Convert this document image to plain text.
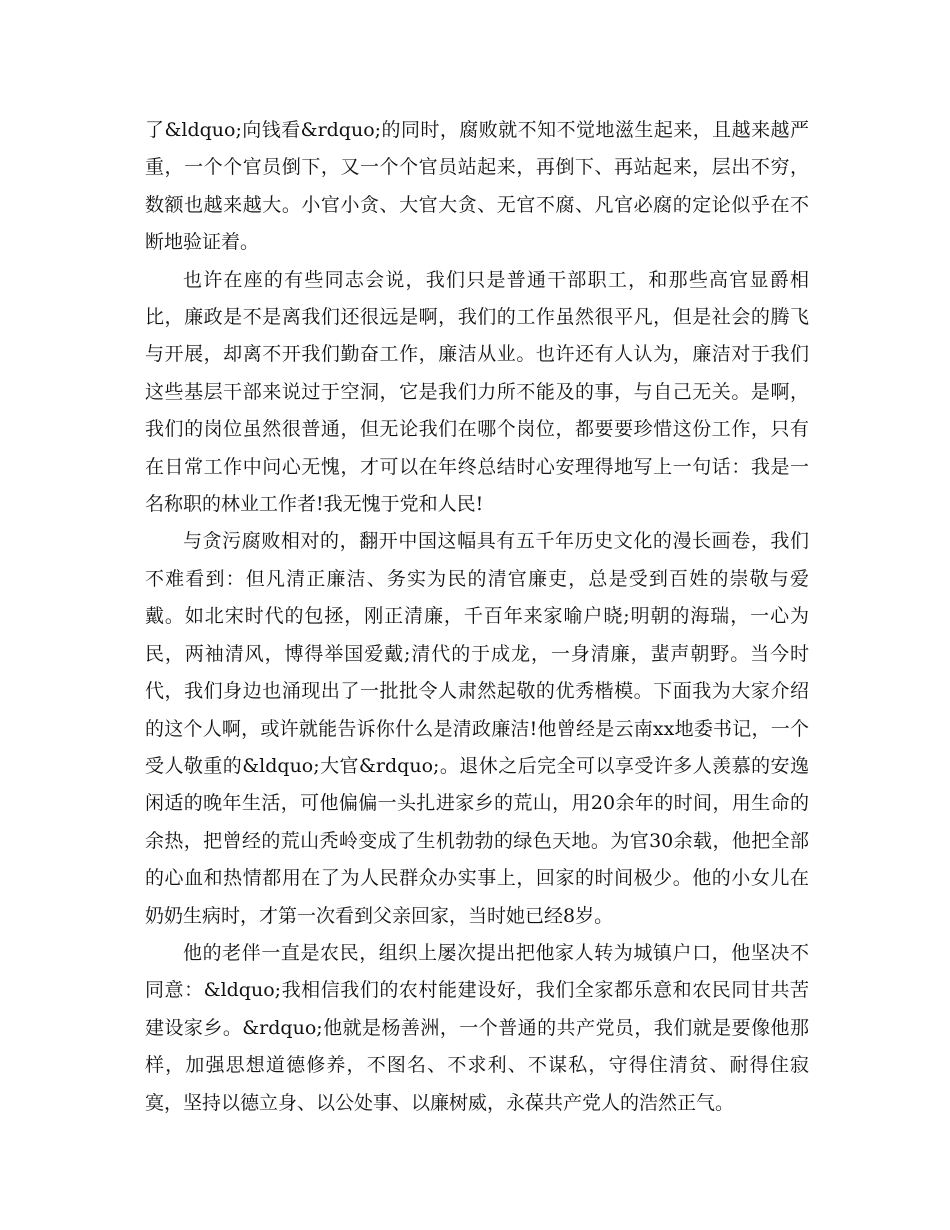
了&ldquo;向钱看&rdquo;的同时，腐败就不知不觉地滋生起来，且越来越严重，一个个官员倒下，又一个个官员站起来，再倒下、再站起来，层出不穷，数额也越来越大。小官小贪、大官大贪、无官不腐、凡官必腐的定论似乎在不断地验证着。

也许在座的有些同志会说，我们只是普通干部职工，和那些高官显爵相比，廉政是不是离我们还很远是啊，我们的工作虽然很平凡，但是社会的腾飞与开展，却离不开我们勤奋工作，廉洁从业。也许还有人认为，廉洁对于我们这些基层干部来说过于空洞，它是我们力所不能及的事，与自己无关。是啊，我们的岗位虽然很普通，但无论我们在哪个岗位，都要要珍惜这份工作，只有在日常工作中问心无愧，才可以在年终总结时心安理得地写上一句话：我是一名称职的林业工作者!我无愧于党和人民!

与贪污腐败相对的，翻开中国这幅具有五千年历史文化的漫长画卷，我们不难看到：但凡清正廉洁、务实为民的清官廉吏，总是受到百姓的崇敬与爱戴。如北宋时代的包拯，刚正清廉，千百年来家喻户晓;明朝的海瑞，一心为民，两袖清风，博得举国爱戴;清代的于成龙，一身清廉，蜚声朝野。当今时代，我们身边也涌现出了一批批令人肃然起敬的优秀楷模。下面我为大家介绍的这个人啊，或许就能告诉你什么是清政廉洁!他曾经是云南xx地委书记，一个受人敬重的&ldquo;大官&rdquo;。退休之后完全可以享受许多人羡慕的安逸闲适的晚年生活，可他偏偏一头扎进家乡的荒山，用20余年的时间，用生命的余热，把曾经的荒山秃岭变成了生机勃勃的绿色天地。为官30余载，他把全部的心血和热情都用在了为人民群众办实事上，回家的时间极少。他的小女儿在奶奶生病时，才第一次看到父亲回家，当时她已经8岁。

他的老伴一直是农民，组织上屡次提出把他家人转为城镇户口，他坚决不同意：&ldquo;我相信我们的农村能建设好，我们全家都乐意和农民同甘共苦建设家乡。&rdquo;他就是杨善洲，一个普通的共产党员，我们就是要像他那样，加强思想道德修养，不图名、不求利、不谋私，守得住清贫、耐得住寂寞，坚持以德立身、以公处事、以廉树威，永葆共产党人的浩然正气。
